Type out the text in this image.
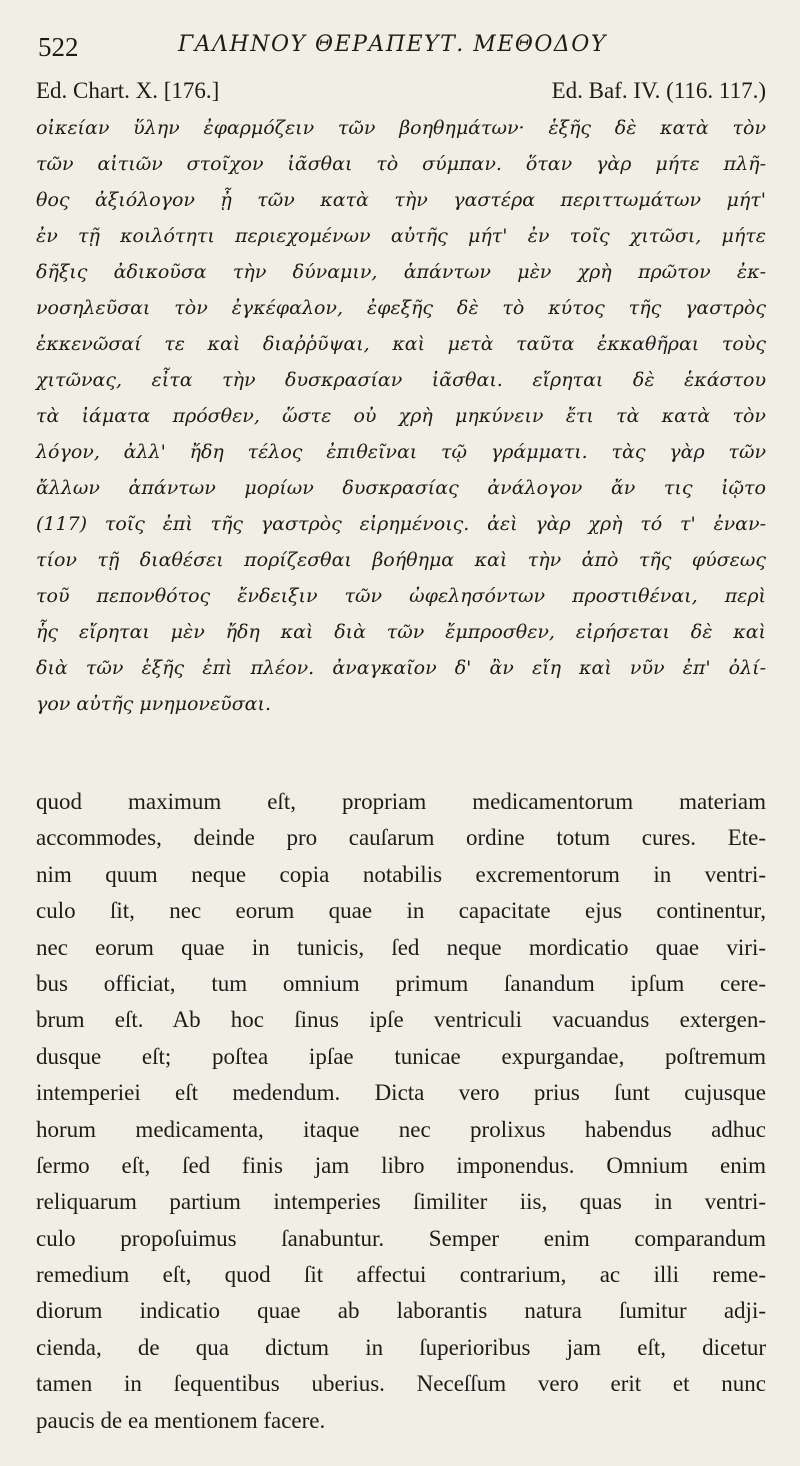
522	ΓΑΛΗΝΟΥ ΘΕΡΑΠΕΥΤ. ΜΕΘΟΔΟΥ
Ed. Chart. X. [176.]	Ed. Baf. IV. (116. 117.)
οἰκείαν ὕλην ἐφαρμόζειν τῶν βοηθημάτων· ἑξῆς δὲ κατὰ τὸν
τῶν αἰτιῶν στοῖχον ἰᾶσθαι τὸ σύμπαν. ὅταν γὰρ μήτε πλῆ-
θος ἀξιόλογον ᾖ τῶν κατὰ τὴν γαστέρα περιττωμάτων μήτ'
ἐν τῇ κοιλότητι περιεχομένων αὐτῆς μήτ' ἐν τοῖς χιτῶσι, μήτε
δῆξις ἀδικοῦσα τὴν δύναμιν, ἁπάντων μὲν χρὴ πρῶτον ἐκ-
νοσηλεῦσαι τὸν ἐγκέφαλον, ἐφεξῆς δὲ τὸ κύτος τῆς γαστρὸς
ἐκκενῶσαί τε καὶ διαῤῥῦψαι, καὶ μετὰ ταῦτα ἐκκαθῆραι τοὺς
χιτῶνας, εἶτα τὴν δυσκρασίαν ἰᾶσθαι. εἴρηται δὲ ἑκάστου
τὰ ἰάματα πρόσθεν, ὥστε οὐ χρὴ μηκύνειν ἔτι τὰ κατὰ τὸν
λόγον, ἀλλ' ἤδη τέλος ἐπιθεῖναι τῷ γράμματι. τὰς γὰρ τῶν
ἄλλων ἁπάντων μορίων δυσκρασίας ἀνάλογον ἄν τις ἰῷτο
(117) τοῖς ἐπὶ τῆς γαστρὸς εἰρημένοις. ἀεὶ γὰρ χρὴ τό τ' ἐναν-
τίον τῇ διαθέσει πορίζεσθαι βοήθημα καὶ τὴν ἀπὸ τῆς φύσεως
τοῦ πεπονθότος ἔνδειξιν τῶν ὠφελησόντων προστιθέναι, περὶ
ἧς εἴρηται μὲν ἤδη καὶ διὰ τῶν ἔμπροσθεν, εἰρήσεται δὲ καὶ
διὰ τῶν ἑξῆς ἐπὶ πλέον. ἀναγκαῖον δ' ἂν εἴη καὶ νῦν ἐπ' ὀλί-
γον αὐτῆς μνημονεῦσαι.
quod maximum eſt, propriam medicamentorum materiam
accommodes, deinde pro cauſarum ordine totum cures. Ete-
nim quum neque copia notabilis excrementorum in ventri-
culo ſit, nec eorum quae in capacitate ejus continentur,
nec eorum quae in tunicis, ſed neque mordicatio quae viri-
bus officiat, tum omnium primum ſanandum ipſum cere-
brum eſt. Ab hoc ſinus ipſe ventriculi vacuandus extergen-
dusque eſt; poſtea ipſae tunicae expurgandae, poſtremum
intemperiei eſt medendum. Dicta vero prius ſunt cujusque
horum medicamenta, itaque nec prolixus habendus adhuc
ſermo eſt, ſed finis jam libro imponendus. Omnium enim
reliquarum partium intemperies ſimiliter iis, quas in ventri-
culo propoſuimus ſanabuntur. Semper enim comparandum
remedium eſt, quod ſit affectui contrarium, ac illi reme-
diorum indicatio quae ab laborantis natura ſumitur adji-
cienda, de qua dictum in ſuperioribus jam eſt, dicetur
tamen in ſequentibus uberius. Neceſſum vero erit et nunc
paucis de ea mentionem facere.
